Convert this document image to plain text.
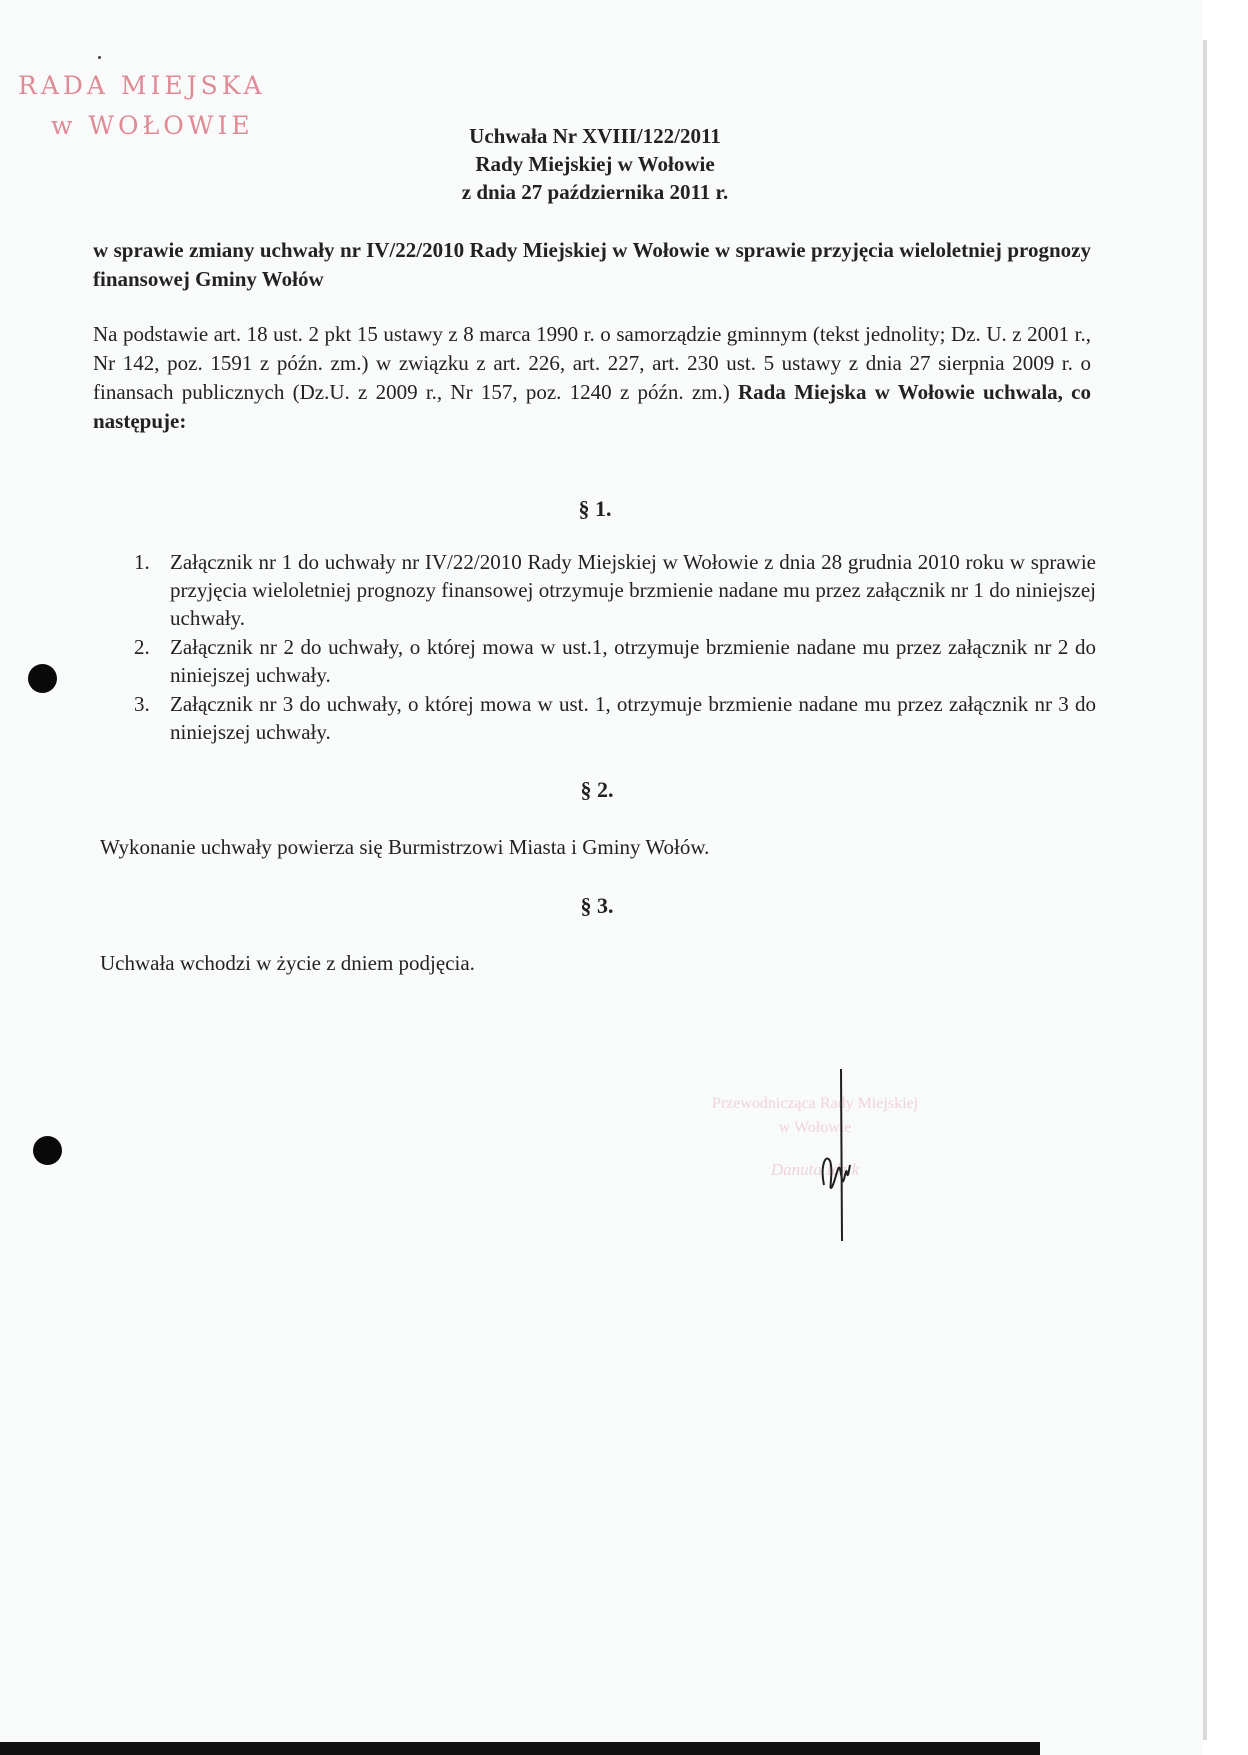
RADA MIEJSKA
w WOŁOWIE	Uchwała Nr XVIII/122/2011
Rady Miejskiej w Wołowie
z dnia 27 października 2011 r.
w sprawie zmiany uchwały nr IV/22/2010 Rady Miejskiej w Wołowie w sprawie przyjęcia wieloletniej prognozy finansowej Gminy Wołów
Na podstawie art. 18 ust. 2 pkt 15 ustawy z 8 marca 1990 r. o samorządzie gminnym (tekst jednolity; Dz. U. z 2001 r., Nr 142, poz. 1591 z późn. zm.) w związku z art. 226, art. 227, art. 230 ust. 5 ustawy z dnia 27 sierpnia 2009 r. o finansach publicznych (Dz.U. z 2009 r., Nr 157, poz. 1240 z późn. zm.) Rada Miejska w Wołowie uchwala, co następuje:
§ 1.
1. Załącznik nr 1 do uchwały nr IV/22/2010 Rady Miejskiej w Wołowie z dnia 28 grudnia 2010 roku w sprawie przyjęcia wieloletniej prognozy finansowej otrzymuje brzmienie nadane mu przez załącznik nr 1 do niniejszej uchwały.
2. Załącznik nr 2 do uchwały, o której mowa w ust.1, otrzymuje brzmienie nadane mu przez załącznik nr 2 do niniejszej uchwały.
3. Załącznik nr 3 do uchwały, o której mowa w ust. 1, otrzymuje brzmienie nadane mu przez załącznik nr 3 do niniejszej uchwały.
§ 2.
Wykonanie uchwały powierza się Burmistrzowi Miasta i Gminy Wołów.
§ 3.
Uchwała wchodzi w życie z dniem podjęcia.
Przewodnicząca Rady Miejskiej
w Wołowie
Danuta Idzik
